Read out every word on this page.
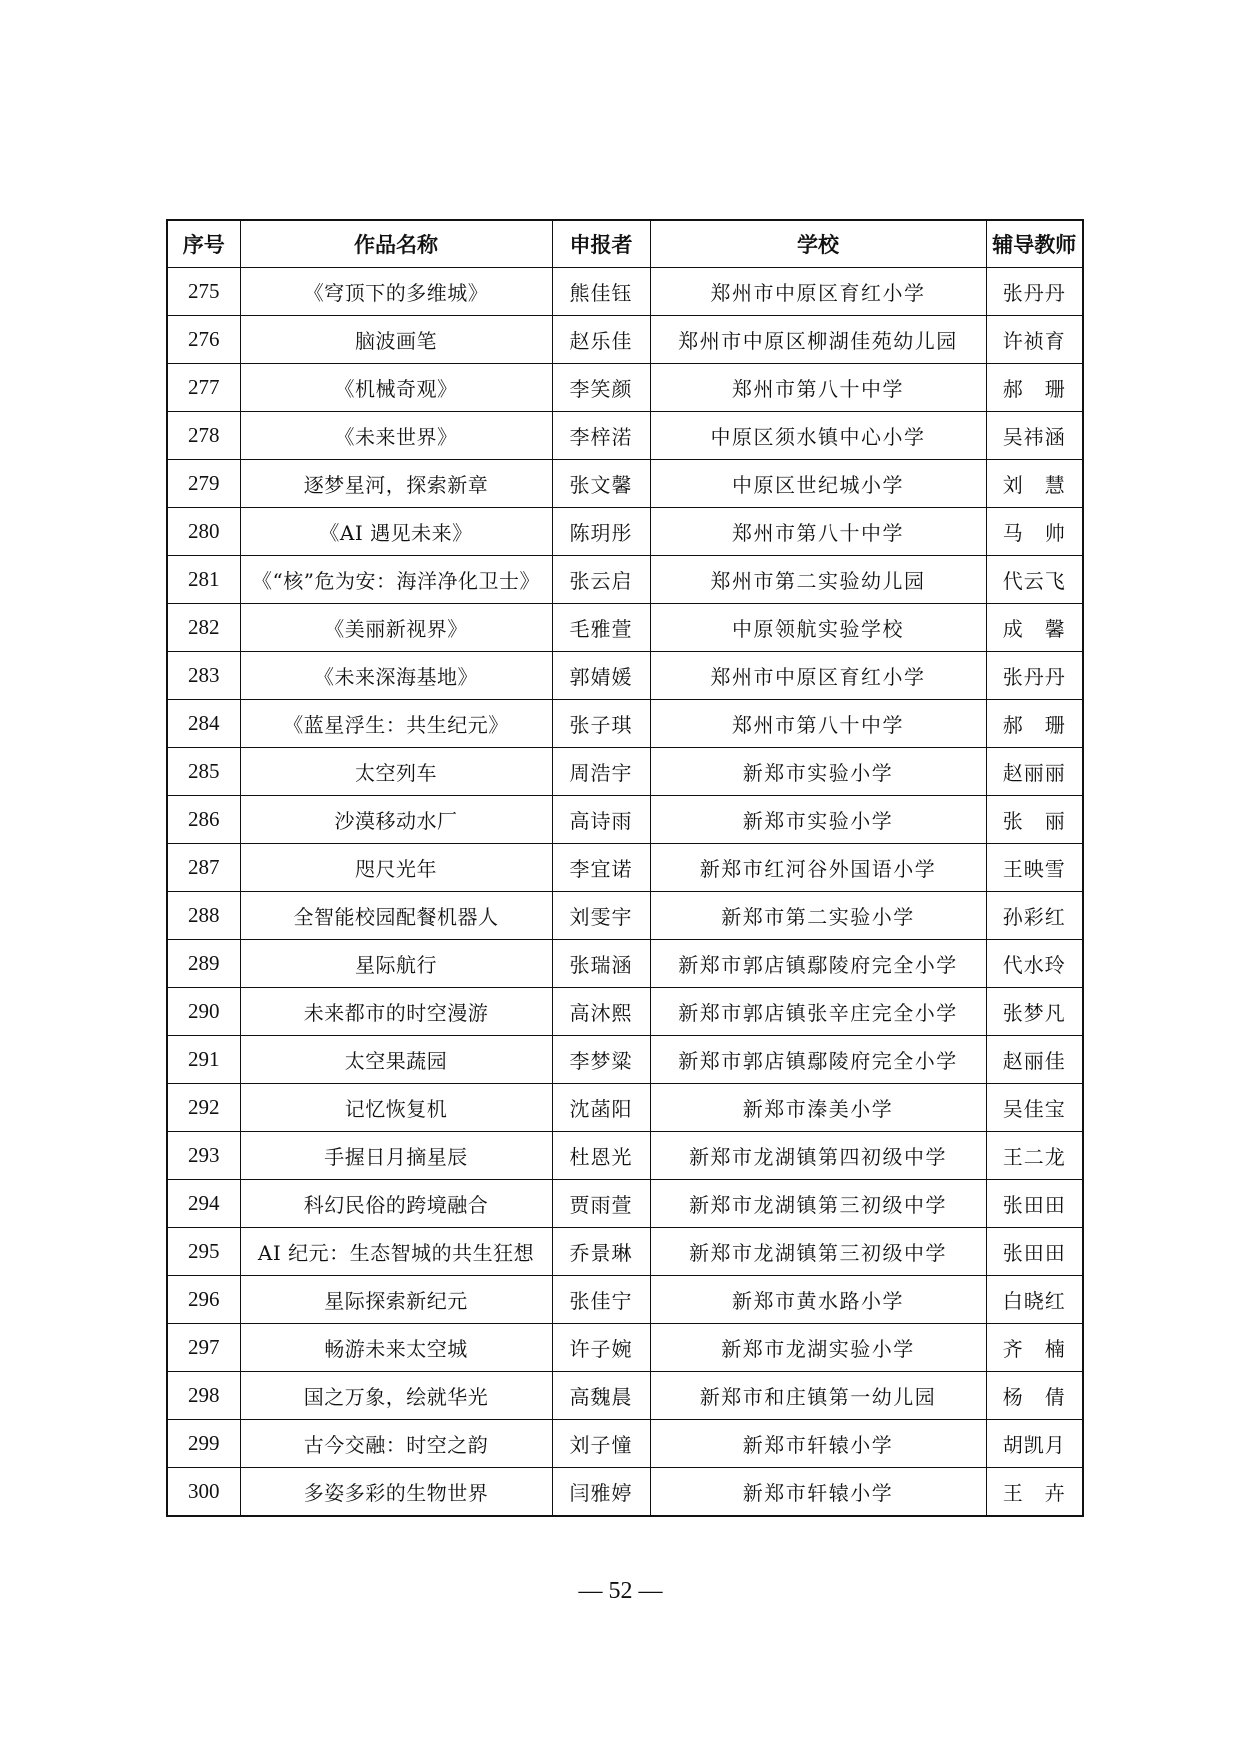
序号	作品名称	申报者	学校	辅导教师
275	《穹顶下的多维城》	熊佳钰	郑州市中原区育红小学	张丹丹
276	脑波画笔	赵乐佳	郑州市中原区柳湖佳苑幼儿园	许祯育
277	《机械奇观》	李笑颜	郑州市第八十中学	郝　珊
278	《未来世界》	李梓渃	中原区须水镇中心小学	吴祎涵
279	逐梦星河，探索新章	张文馨	中原区世纪城小学	刘　慧
280	《AI 遇见未来》	陈玥彤	郑州市第八十中学	马　帅
281	《“核”危为安：海洋净化卫士》	张云启	郑州市第二实验幼儿园	代云飞
282	《美丽新视界》	毛雅萱	中原领航实验学校	成　馨
283	《未来深海基地》	郭婧媛	郑州市中原区育红小学	张丹丹
284	《蓝星浮生：共生纪元》	张子琪	郑州市第八十中学	郝　珊
285	太空列车	周浩宇	新郑市实验小学	赵丽丽
286	沙漠移动水厂	高诗雨	新郑市实验小学	张　丽
287	咫尺光年	李宜诺	新郑市红河谷外国语小学	王映雪
288	全智能校园配餐机器人	刘雯宇	新郑市第二实验小学	孙彩红
289	星际航行	张瑞涵	新郑市郭店镇鄢陵府完全小学	代水玲
290	未来都市的时空漫游	高沐熙	新郑市郭店镇张辛庄完全小学	张梦凡
291	太空果蔬园	李梦粱	新郑市郭店镇鄢陵府完全小学	赵丽佳
292	记忆恢复机	沈菡阳	新郑市溱美小学	吴佳宝
293	手握日月摘星辰	杜恩光	新郑市龙湖镇第四初级中学	王二龙
294	科幻民俗的跨境融合	贾雨萱	新郑市龙湖镇第三初级中学	张田田
295	AI 纪元：生态智城的共生狂想	乔景琳	新郑市龙湖镇第三初级中学	张田田
296	星际探索新纪元	张佳宁	新郑市黄水路小学	白晓红
297	畅游未来太空城	许子婉	新郑市龙湖实验小学	齐　楠
298	国之万象，绘就华光	高魏晨	新郑市和庄镇第一幼儿园	杨　倩
299	古今交融：时空之韵	刘子憧	新郑市轩辕小学	胡凯月
300	多姿多彩的生物世界	闫雅婷	新郑市轩辕小学	王　卉
— 52 —
